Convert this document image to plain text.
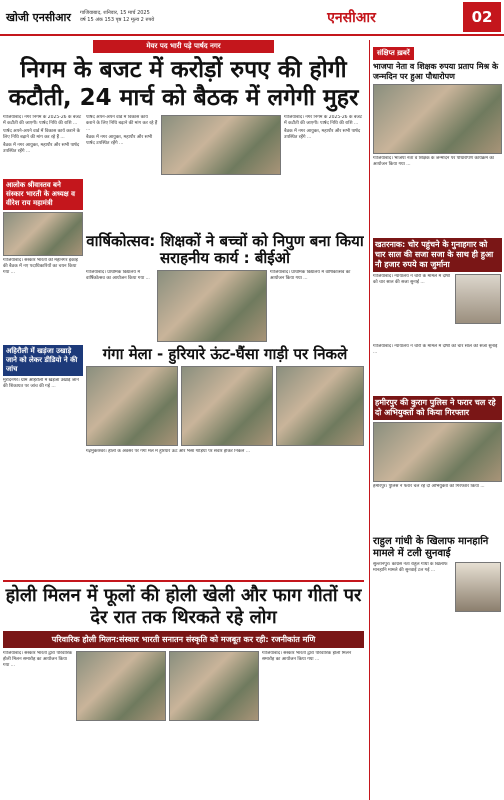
खोजी एनसीआर	गाजियाबाद, शनिवार, 15 मार्च 2025
वर्ष 15 अंक 153 पृष्ठ 12 मूल्य 2 रुपये	एनसीआर	02
मेयर पद भारी पड़े पार्षद नगर
निगम के बजट में करोड़ों रुपए की होगी कटौती, 24 मार्च को बैठक में लगेगी मुहर

गाजियाबाद। नगर निगम के 2025-26 के बजट में कटौती की जाएगी। पार्षद निधि की राशि ...

पार्षद अपने-अपने वार्ड में विकास कार्य कराने के लिए निधि बढ़ाने की मांग कर रहे हैं ...

बैठक में नगर आयुक्त, महापौर और सभी पार्षद उपस्थित रहेंगे ...

पार्षद अपने-अपने वार्ड में विकास कार्य कराने के लिए निधि बढ़ाने की मांग कर रहे हैं ...

बैठक में नगर आयुक्त, महापौर और सभी पार्षद उपस्थित रहेंगे ...

गाजियाबाद। नगर निगम के 2025-26 के बजट में कटौती की जाएगी। पार्षद निधि की राशि ...

बैठक में नगर आयुक्त, महापौर और सभी पार्षद उपस्थित रहेंगे ...

आलोक श्रीवास्तव बने संस्कार भारती के अध्यक्ष व वीरेश राय महामंत्री
गाजियाबाद। संस्कार भारती की महानगर इकाई की बैठक में नए पदाधिकारियों का चयन किया गया ...
वार्षिकोत्सव: शिक्षकों ने बच्चों को निपुण बना किया सराहनीय कार्य : बीईओ
गाजियाबाद। प्राथमिक विद्यालय में वार्षिकोत्सव का आयोजन किया गया ...
गाजियाबाद। प्राथमिक विद्यालय में वार्षिकोत्सव का आयोजन किया गया ...
अहिरौली में खड़ंजा उखाड़े जाने को लेकर डीडियो ने की जांच
मुरादनगर। ग्राम अहिरौली में खड़ंजा उखाड़े जाने की शिकायत पर जांच की गई ...
गंगा मेला - हुरियारे ऊंट-घैंसा गाड़ी पर निकले
गढ़मुक्तेश्वर। होली के अवसर पर गंगा मेले में हुरियारे ऊंट और भैंसा गाड़ियों पर सवार होकर निकले ...
होली मिलन में फूलों की होली खेली और फाग गीतों पर देर रात तक थिरकते रहे लोग
परिवारिक होली मिलन:संस्कार भारती सनातन संस्कृति को मजबूत कर रही: रजनीकांत मणि
गाजियाबाद। संस्कार भारती द्वारा परिवारिक होली मिलन समारोह का आयोजन किया गया ...
गाजियाबाद। संस्कार भारती द्वारा परिवारिक होली मिलन समारोह का आयोजन किया गया ...
संक्षिप्त ख़बरें
भाजपा नेता व शिक्षक रुपया प्रताप मिश्र के जन्मदिन पर हुआ पौधारोपण
गाजियाबाद। भाजपा नेता व शिक्षक के जन्मदिन पर पौधारोपण कार्यक्रम का आयोजन किया गया ...
खतरनाक: चोर पहुंचने के गुनाहगार को चार साल की सजा सजा के साथ ही हुआ नौ हजार रुपये का जुर्माना
गाजियाबाद। न्यायालय ने चोरी के मामले में दोषी को चार साल की सजा सुनाई ...
गाजियाबाद। न्यायालय ने चोरी के मामले में दोषी को चार साल की सजा सुनाई ...
हमीरपुर की कुराग पुलिस ने फरार चल रहे दो अभियुक्तों को किया गिरफ्तार
हमीरपुर। पुलिस ने फरार चल रहे दो अभियुक्तों को गिरफ्तार किया ...
राहुल गांधी के खिलाफ मानहानि मामले में टली सुनवाई
सुल्तानपुर। कांग्रेस नेता राहुल गांधी के खिलाफ मानहानि मामले की सुनवाई टल गई ...
